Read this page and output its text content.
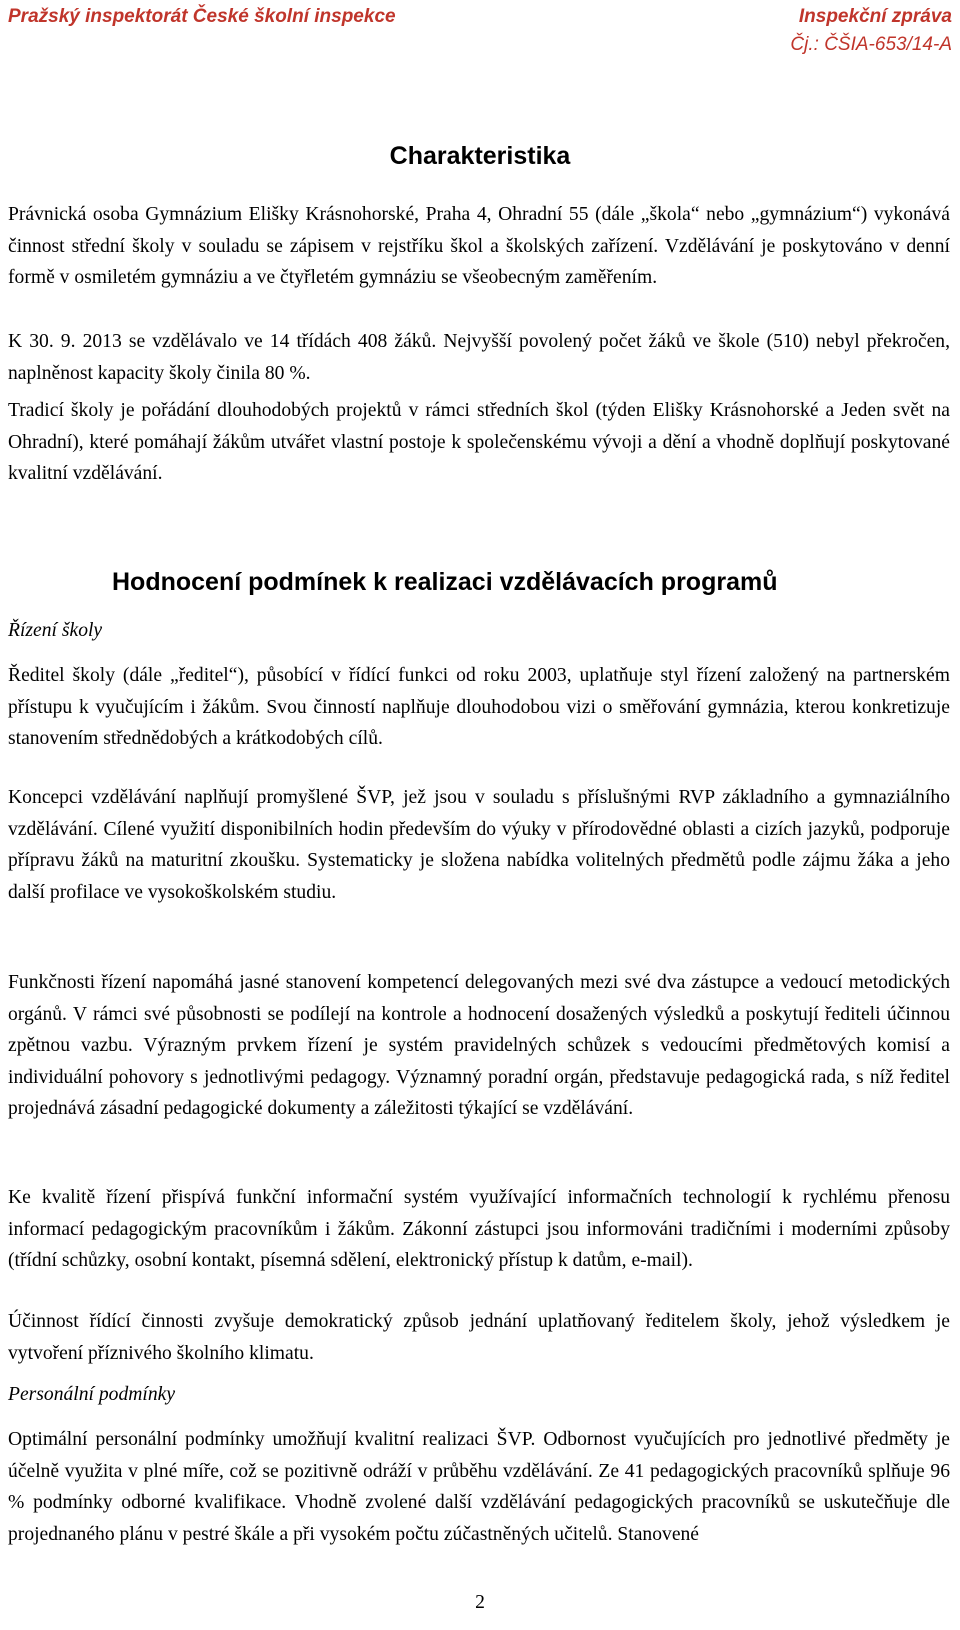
Pražský inspektorát České školní inspekce	Inspekční zpráva
Čj.: ČŠIA-653/14-A
Charakteristika

Právnická osoba Gymnázium Elišky Krásnohorské, Praha 4, Ohradní 55 (dále „škola“ nebo „gymnázium“) vykonává činnost střední školy v souladu se zápisem v rejstříku škol a školských zařízení. Vzdělávání je poskytováno v denní formě v osmiletém gymnáziu a ve čtyřletém gymnáziu se všeobecným zaměřením.

K 30. 9. 2013 se vzdělávalo ve 14 třídách 408 žáků. Nejvyšší povolený počet žáků ve škole (510) nebyl překročen, naplněnost kapacity školy činila 80 %.

Tradicí školy je pořádání dlouhodobých projektů v rámci středních škol (týden Elišky Krásnohorské a Jeden svět na Ohradní), které pomáhají žákům utvářet vlastní postoje k společenskému vývoji a dění a vhodně doplňují poskytované kvalitní vzdělávání.

Hodnocení podmínek k realizaci vzdělávacích programů
Řízení školy

Ředitel školy (dále „ředitel“), působící v řídící funkci od roku 2003, uplatňuje styl řízení založený na partnerském přístupu k vyučujícím i žákům. Svou činností naplňuje dlouhodobou vizi o směřování gymnázia, kterou konkretizuje stanovením střednědobých a krátkodobých cílů.

Koncepci vzdělávání naplňují promyšlené ŠVP, jež jsou v souladu s příslušnými RVP základního a gymnaziálního vzdělávání. Cílené využití disponibilních hodin především do výuky v přírodovědné oblasti a cizích jazyků, podporuje přípravu žáků na maturitní zkoušku. Systematicky je složena nabídka volitelných předmětů podle zájmu žáka a jeho další profilace ve vysokoškolském studiu.

Funkčnosti řízení napomáhá jasné stanovení kompetencí delegovaných mezi své dva zástupce a vedoucí metodických orgánů. V rámci své působnosti se podílejí na kontrole a hodnocení dosažených výsledků a poskytují řediteli účinnou zpětnou vazbu. Výrazným prvkem řízení je systém pravidelných schůzek s vedoucími předmětových komisí a individuální pohovory s jednotlivými pedagogy. Významný poradní orgán, představuje pedagogická rada, s níž ředitel projednává zásadní pedagogické dokumenty a záležitosti týkající se vzdělávání.

Ke kvalitě řízení přispívá funkční informační systém využívající informačních technologií k rychlému přenosu informací pedagogickým pracovníkům i žákům. Zákonní zástupci jsou informováni tradičními i moderními způsoby (třídní schůzky, osobní kontakt, písemná sdělení, elektronický přístup k datům, e-mail).

Účinnost řídící činnosti zvyšuje demokratický způsob jednání uplatňovaný ředitelem školy, jehož výsledkem je vytvoření příznivého školního klimatu.

Personální podmínky

Optimální personální podmínky umožňují kvalitní realizaci ŠVP. Odbornost vyučujících pro jednotlivé předměty je účelně využita v plné míře, což se pozitivně odráží v průběhu vzdělávání. Ze 41 pedagogických pracovníků splňuje 96 % podmínky odborné kvalifikace. Vhodně zvolené další vzdělávání pedagogických pracovníků se uskutečňuje dle projednaného plánu v pestré škále a při vysokém počtu zúčastněných učitelů. Stanovené

2
